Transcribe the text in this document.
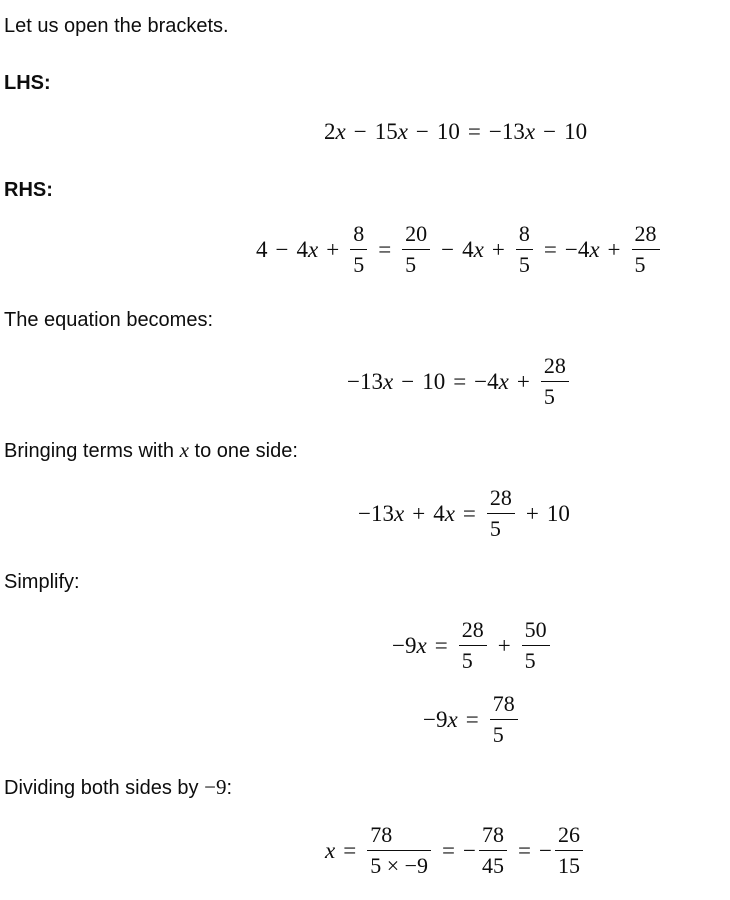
Let us open the brackets.
LHS:
2 x − 15 x − 10 = −13 x − 10
RHS:
4 − 4 $x + \frac{8}{5} = \frac{20}{5} - 4$ $x + \frac{8}{5} = -4$ $x + \frac{28}{5}$
The equation becomes:
−13 x − 10 = −4 $x + \frac{28}{5}$
Bringing terms with x to one side:
−13 x + 4 $x = \frac{28}{5} + 10$
Simplify:
−9 $x = \frac{28}{5} + \frac{50}{5}$
−9 $x = \frac{78}{5}$
Dividing both sides by −9:
$x = \frac{78}{5 \times -9}$ = − $\frac{78}{45}$ = − $\frac{26}{15}$
